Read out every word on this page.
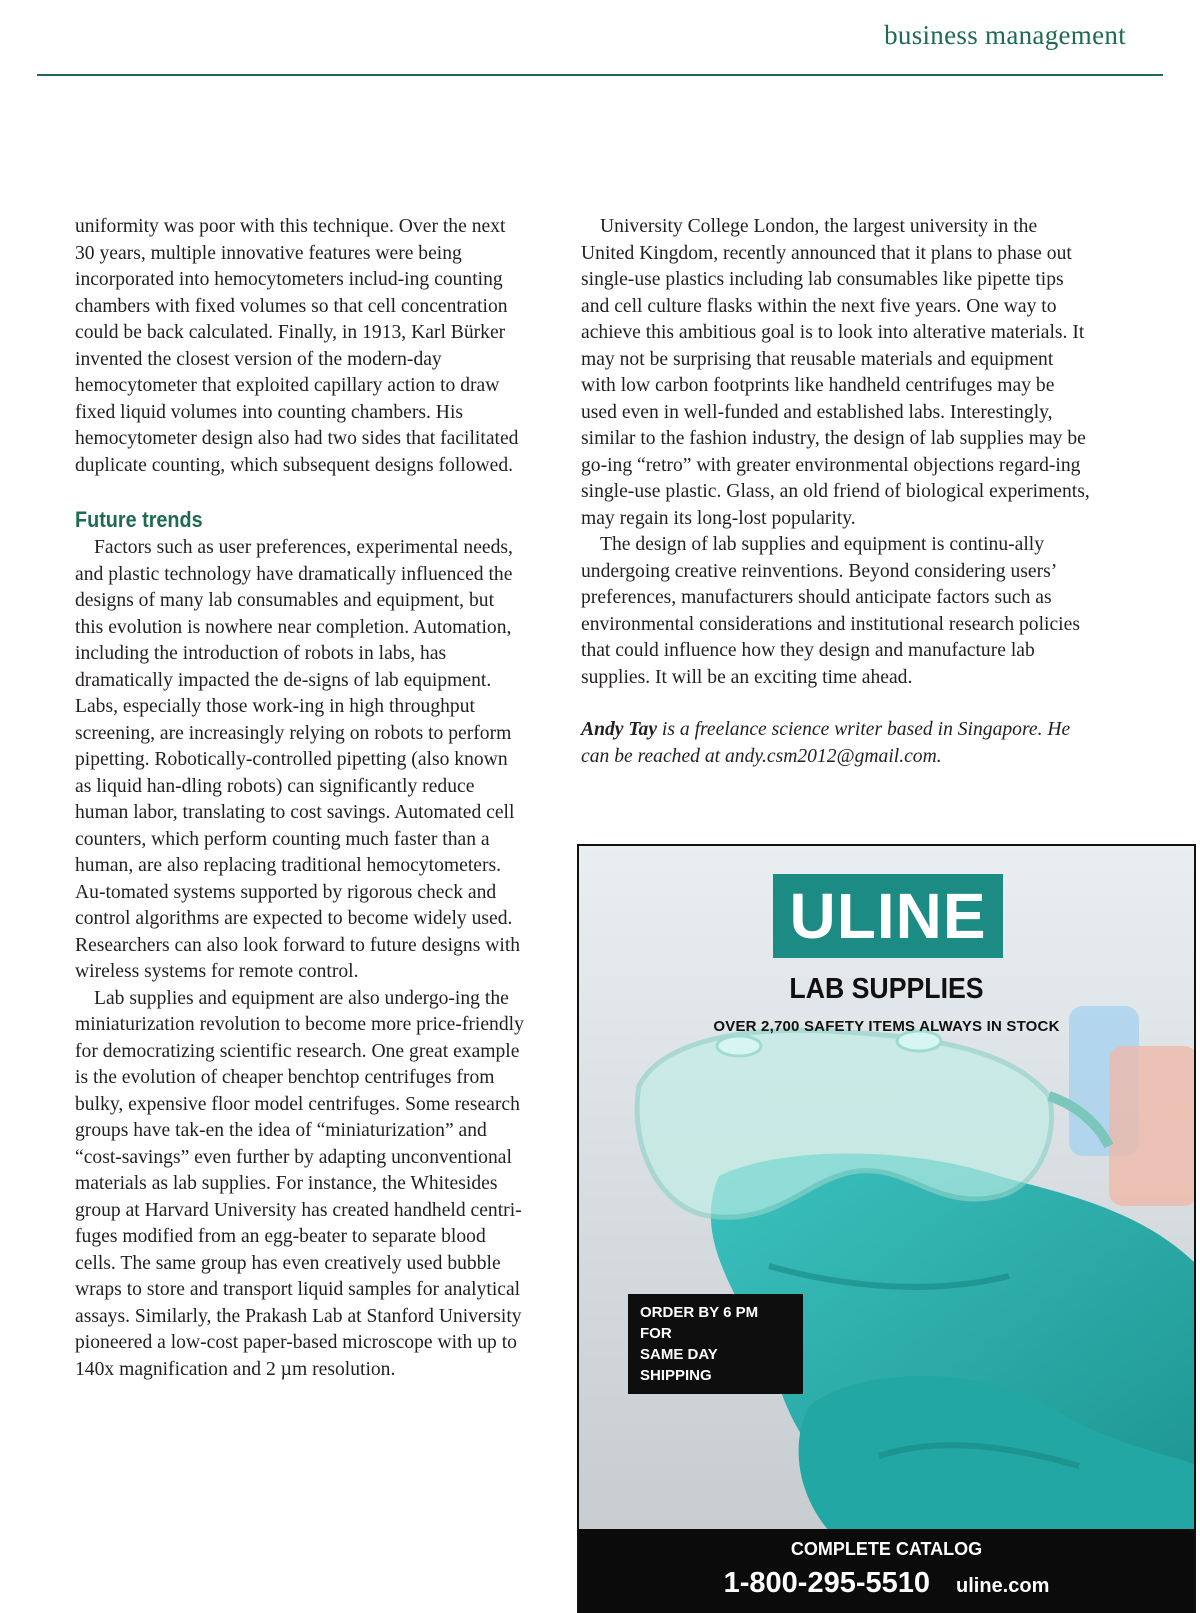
business management

uniformity was poor with this technique. Over the next 30 years, multiple innovative features were being incorporated into hemocytometers includ-ing counting chambers with fixed volumes so that cell concentration could be back calculated. Finally, in 1913, Karl Bürker invented the closest version of the modern-day hemocytometer that exploited capillary action to draw fixed liquid volumes into counting chambers. His hemocytometer design also had two sides that facilitated duplicate counting, which subsequent designs followed.

Future trends

Factors such as user preferences, experimental needs, and plastic technology have dramatically influenced the designs of many lab consumables and equipment, but this evolution is nowhere near completion. Automation, including the introduction of robots in labs, has dramatically impacted the de-signs of lab equipment. Labs, especially those work-ing in high throughput screening, are increasingly relying on robots to perform pipetting. Robotically-controlled pipetting (also known as liquid han-dling robots) can significantly reduce human labor, translating to cost savings. Automated cell counters, which perform counting much faster than a human, are also replacing traditional hemocytometers. Au-tomated systems supported by rigorous check and control algorithms are expected to become widely used. Researchers can also look forward to future designs with wireless systems for remote control.

Lab supplies and equipment are also undergo-ing the miniaturization revolution to become more price-friendly for democratizing scientific research. One great example is the evolution of cheaper benchtop centrifuges from bulky, expensive floor model centrifuges. Some research groups have tak-en the idea of “miniaturization” and “cost-savings” even further by adapting unconventional materials as lab supplies. For instance, the Whitesides group at Harvard University has created handheld centri-fuges modified from an egg-beater to separate blood cells. The same group has even creatively used bubble wraps to store and transport liquid samples for analytical assays. Similarly, the Prakash Lab at Stanford University pioneered a low-cost paper-based microscope with up to 140x magnification and 2 µm resolution.

University College London, the largest university in the United Kingdom, recently announced that it plans to phase out single-use plastics including lab consumables like pipette tips and cell culture flasks within the next five years. One way to achieve this ambitious goal is to look into alterative materials. It may not be surprising that reusable materials and equipment with low carbon footprints like handheld centrifuges may be used even in well-funded and established labs. Interestingly, similar to the fashion industry, the design of lab supplies may be go-ing “retro” with greater environmental objections regard-ing single-use plastic. Glass, an old friend of biological experiments, may regain its long-lost popularity.

The design of lab supplies and equipment is continu-ally undergoing creative reinventions. Beyond considering users’ preferences, manufacturers should anticipate factors such as environmental considerations and institutional research policies that could influence how they design and manufacture lab supplies. It will be an exciting time ahead.

Andy Tay is a freelance science writer based in Singapore. He can be reached at andy.csm2012@gmail.com.

ULINE
LAB SUPPLIES
OVER 2,700 SAFETY ITEMS ALWAYS IN STOCK
ORDER BY 6 PM FOR
SAME DAY SHIPPING
COMPLETE CATALOG
1-800-295-5510 uline.com
